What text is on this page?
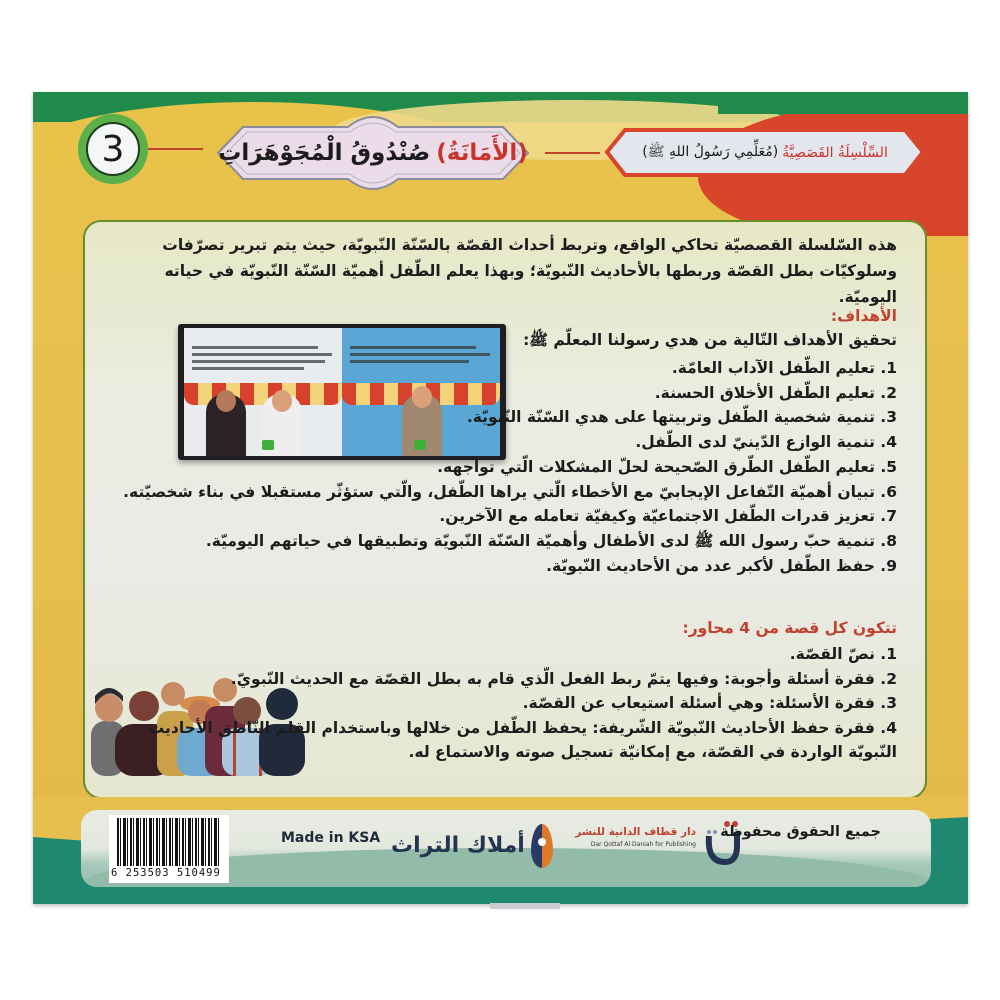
3	(الأَمَانَةُ)
صُنْدُوقُ الْمُجَوْهَرَاتِ	السِّلْسِلَةُ القَصَصِيَّةُ
(مُعَلِّمِي رَسُولُ اللهِ ﷺ)
هذه السّلسلة القصصيّة تحاكي الواقع، وتربط أحداث القصّة بالسّنّة النّبويّة، حيث يتم تبرير تصرّفات وسلوكيّات بطل القصّة وربطها بالأحاديث النّبويّة؛ وبهذا يعلم الطّفل أهميّة السّنّة النّبويّة في حياته اليوميّة.
الأهداف:
تحقيق الأهداف التّالية من هدي رسولنا المعلّم ﷺ:
1. تعليم الطّفل الآداب العامّة.
2. تعليم الطّفل الأخلاق الحسنة.
3. تنمية شخصية الطّفل وتربيتها على هدي السّنّة النّبويّة.
4. تنمية الوازع الدّينيّ لدى الطّفل.
5. تعليم الطّفل الطّرق الصّحيحة لحلّ المشكلات الّتي تواجهه.
6. تبيان أهميّة التّفاعل الإيجابيّ مع الأخطاء الّتي يراها الطّفل، والّتي ستؤثّر مستقبلا في بناء شخصيّته.
7. تعزيز قدرات الطّفل الاجتماعيّة وكيفيّة تعامله مع الآخرين.
8. تنمية حبّ رسول الله ﷺ لدى الأطفال وأهميّة السّنّة النّبويّة وتطبيقها في حياتهم اليوميّة.
9. حفظ الطّفل لأكبر عدد من الأحاديث النّبويّة.
تتكون كل قصة من 4 محاور:
1. نصّ القصّة.
2. فقرة أسئلة وأجوبة: وفيها يتمّ ربط الفعل الّذي قام به بطل القصّة مع الحديث النّبويّ.
3. فقرة الأسئلة: وهي أسئلة استيعاب عن القصّة.
4. فقرة حفظ الأحاديث النّبويّة الشّريفة: يحفظ الطّفل من خلالها وباستخدام القلم النّاطق الأحاديث النّبويّة الواردة في القصّة، مع إمكانيّة تسجيل صوته والاستماع له.
6 253503 510499
Made in KSA أملاك التراث
دار قطاف الدانية للنشر
Dar Qottaf Al Daniah for Publishing
جميع الحقوق محفوظة
